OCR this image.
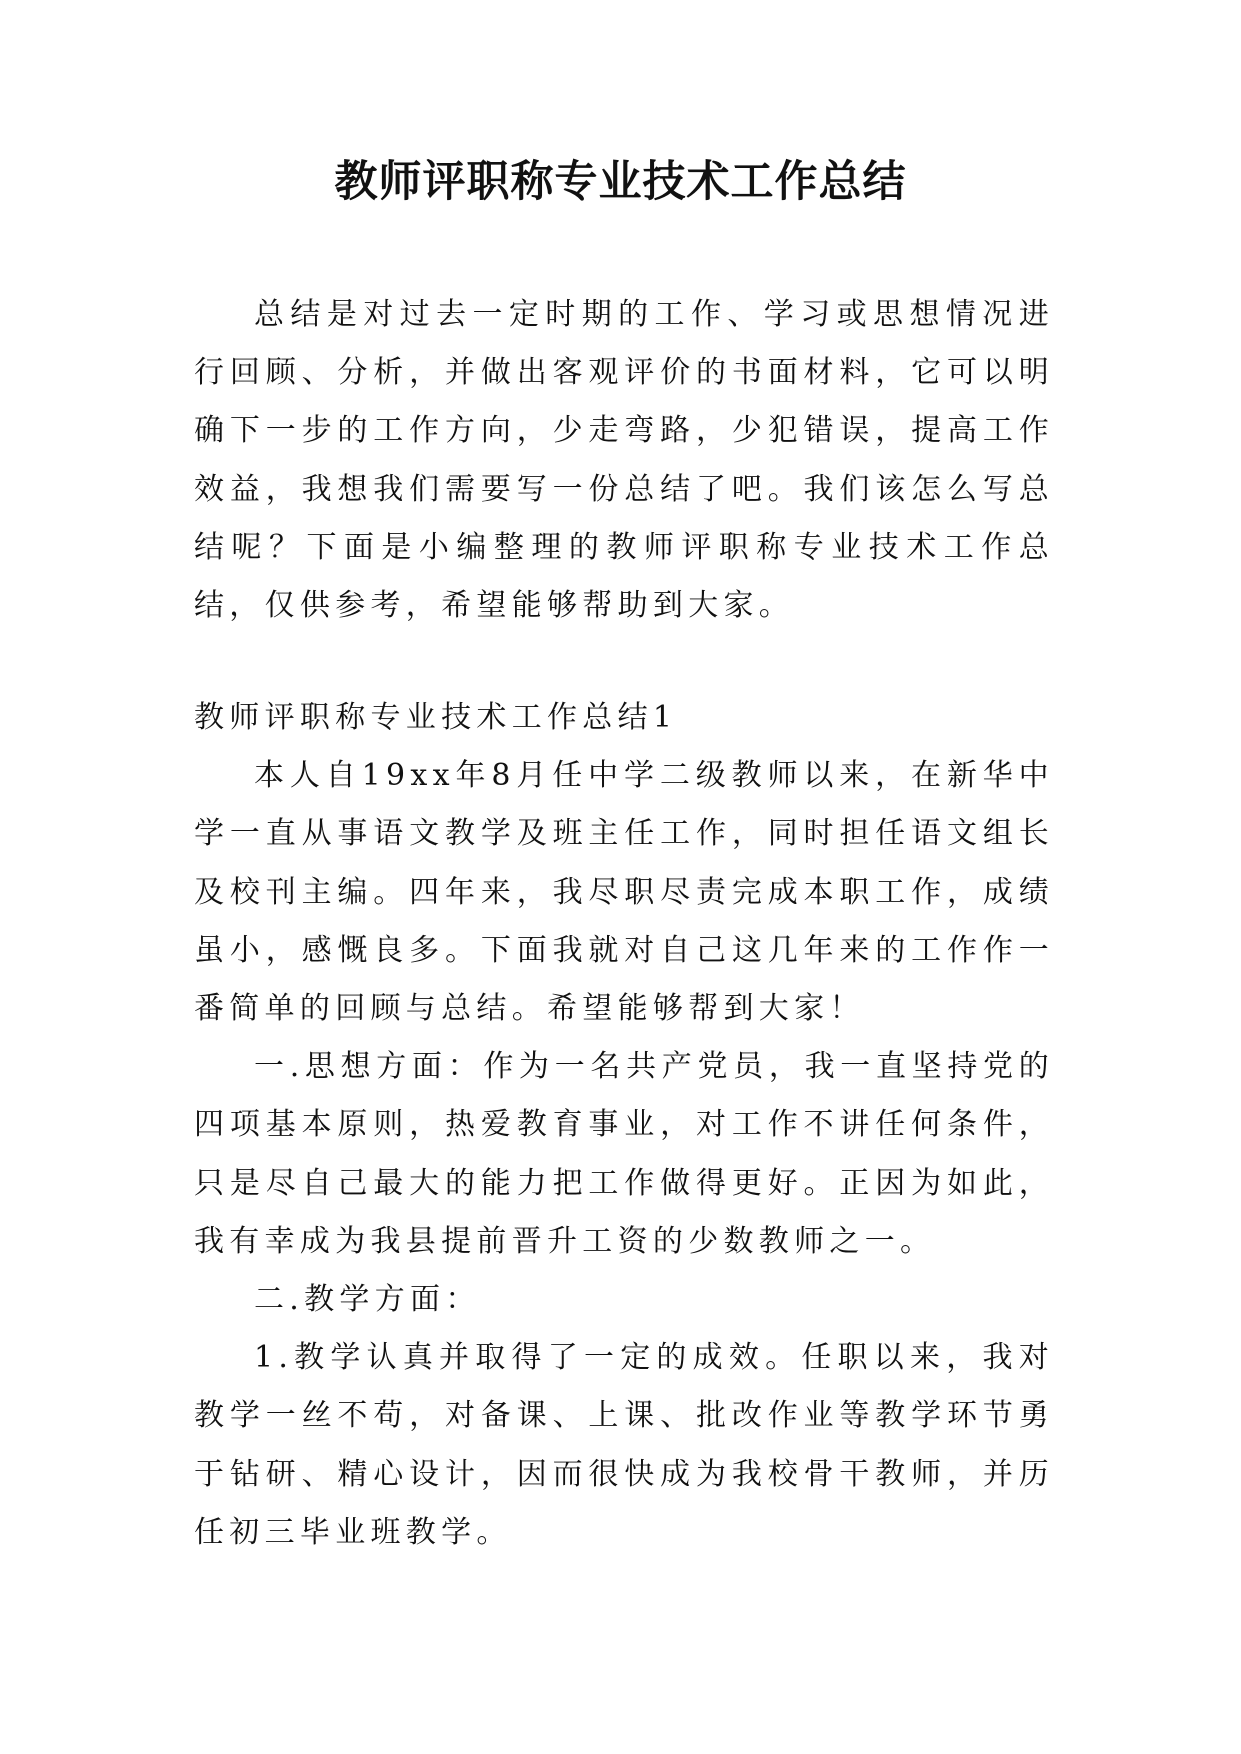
教师评职称专业技术工作总结

总结是对过去一定时期的工作、学习或思想情况进行回顾、分析，并做出客观评价的书面材料，它可以明确下一步的工作方向，少走弯路，少犯错误，提高工作效益，我想我们需要写一份总结了吧。我们该怎么写总结呢？下面是小编整理的教师评职称专业技术工作总结，仅供参考，希望能够帮助到大家。

教师评职称专业技术工作总结1

本人自19xx年8月任中学二级教师以来，在新华中学一直从事语文教学及班主任工作，同时担任语文组长及校刊主编。四年来，我尽职尽责完成本职工作，成绩虽小，感慨良多。下面我就对自己这几年来的工作作一番简单的回顾与总结。希望能够帮到大家！

一.思想方面：作为一名共产党员，我一直坚持党的四项基本原则，热爱教育事业，对工作不讲任何条件，只是尽自己最大的能力把工作做得更好。正因为如此，我有幸成为我县提前晋升工资的少数教师之一。

二.教学方面：

1.教学认真并取得了一定的成效。任职以来，我对教学一丝不苟，对备课、上课、批改作业等教学环节勇于钻研、精心设计，因而很快成为我校骨干教师，并历任初三毕业班教学。
